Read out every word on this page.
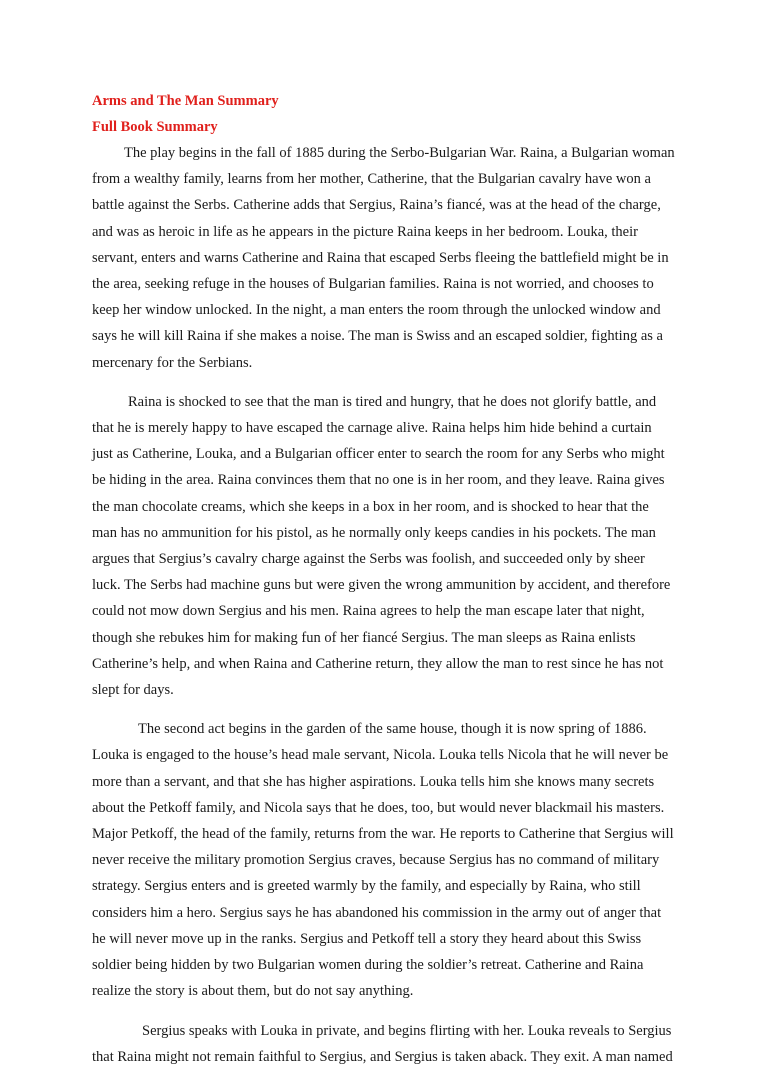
Arms and The Man Summary

Full Book Summary

The play begins in the fall of 1885 during the Serbo-Bulgarian War. Raina, a Bulgarian woman from a wealthy family, learns from her mother, Catherine, that the Bulgarian cavalry have won a battle against the Serbs. Catherine adds that Sergius, Raina’s fiancé, was at the head of the charge, and was as heroic in life as he appears in the picture Raina keeps in her bedroom. Louka, their servant, enters and warns Catherine and Raina that escaped Serbs fleeing the battlefield might be in the area, seeking refuge in the houses of Bulgarian families. Raina is not worried, and chooses to keep her window unlocked. In the night, a man enters the room through the unlocked window and says he will kill Raina if she makes a noise. The man is Swiss and an escaped soldier, fighting as a mercenary for the Serbians.

Raina is shocked to see that the man is tired and hungry, that he does not glorify battle, and that he is merely happy to have escaped the carnage alive. Raina helps him hide behind a curtain just as Catherine, Louka, and a Bulgarian officer enter to search the room for any Serbs who might be hiding in the area. Raina convinces them that no one is in her room, and they leave. Raina gives the man chocolate creams, which she keeps in a box in her room, and is shocked to hear that the man has no ammunition for his pistol, as he normally only keeps candies in his pockets. The man argues that Sergius’s cavalry charge against the Serbs was foolish, and succeeded only by sheer luck. The Serbs had machine guns but were given the wrong ammunition by accident, and therefore could not mow down Sergius and his men. Raina agrees to help the man escape later that night, though she rebukes him for making fun of her fiancé Sergius. The man sleeps as Raina enlists Catherine’s help, and when Raina and Catherine return, they allow the man to rest since he has not slept for days.

The second act begins in the garden of the same house, though it is now spring of 1886. Louka is engaged to the house’s head male servant, Nicola. Louka tells Nicola that he will never be more than a servant, and that she has higher aspirations. Louka tells him she knows many secrets about the Petkoff family, and Nicola says that he does, too, but would never blackmail his masters. Major Petkoff, the head of the family, returns from the war. He reports to Catherine that Sergius will never receive the military promotion Sergius craves, because Sergius has no command of military strategy. Sergius enters and is greeted warmly by the family, and especially by Raina, who still considers him a hero. Sergius says he has abandoned his commission in the army out of anger that he will never move up in the ranks. Sergius and Petkoff tell a story they heard about this Swiss soldier being hidden by two Bulgarian women during the soldier’s retreat. Catherine and Raina realize the story is about them, but do not say anything.

Sergius speaks with Louka in private, and begins flirting with her. Louka reveals to Sergius that Raina might not remain faithful to Sergius, and Sergius is taken aback. They exit. A man named
